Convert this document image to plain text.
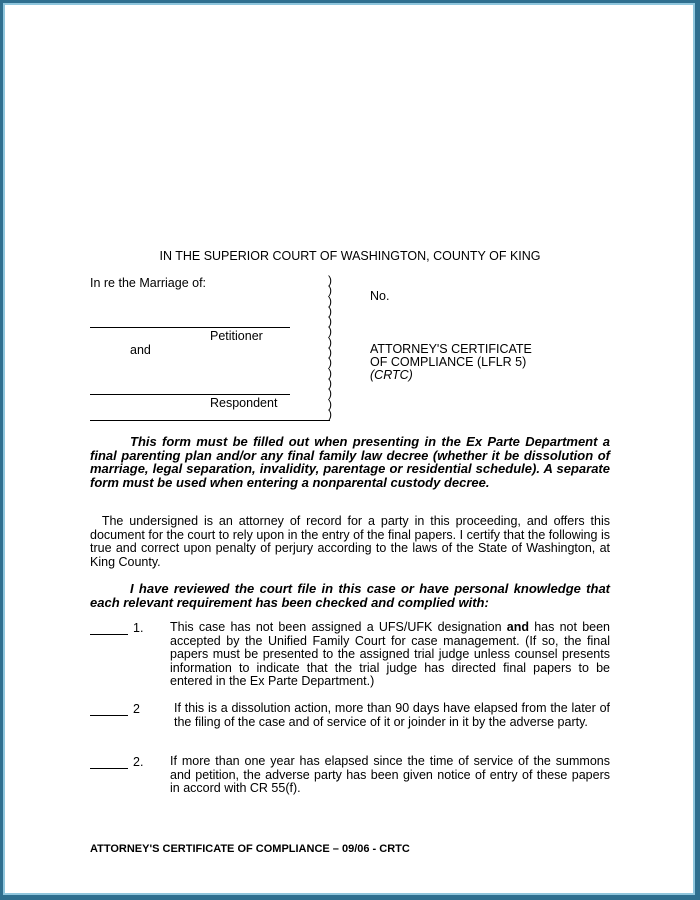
IN THE SUPERIOR COURT OF WASHINGTON, COUNTY OF KING
In re the Marriage of:
Petitioner
and
Respondent
)
)
)
)
)
)
)
)
)
)
)
)
)
)
No.
ATTORNEY'S CERTIFICATE
OF COMPLIANCE (LFLR 5)
(CRTC)
This form must be filled out when presenting in the Ex Parte Department a final parenting plan and/or any final family law decree (whether it be dissolution of marriage, legal separation, invalidity, parentage or residential schedule). A separate form must be used when entering a nonparental custody decree.
The undersigned is an attorney of record for a party in this proceeding, and offers this document for the court to rely upon in the entry of the final papers. I certify that the following is true and correct upon penalty of perjury according to the laws of the State of Washington, at King County.
I have reviewed the court file in this case or have personal knowledge that each relevant requirement has been checked and complied with:
1. This case has not been assigned a UFS/UFK designation and has not been accepted by the Unified Family Court for case management. (If so, the final papers must be presented to the assigned trial judge unless counsel presents information to indicate that the trial judge has directed final papers to be entered in the Ex Parte Department.)
2	If this is a dissolution action, more than 90 days have elapsed from the later of the filing of the case and of service of it or joinder in it by the adverse party.
2. If more than one year has elapsed since the time of service of the summons and petition, the adverse party has been given notice of entry of these papers in accord with CR 55(f).
ATTORNEY'S CERTIFICATE OF COMPLIANCE – 09/06 - CRTC
